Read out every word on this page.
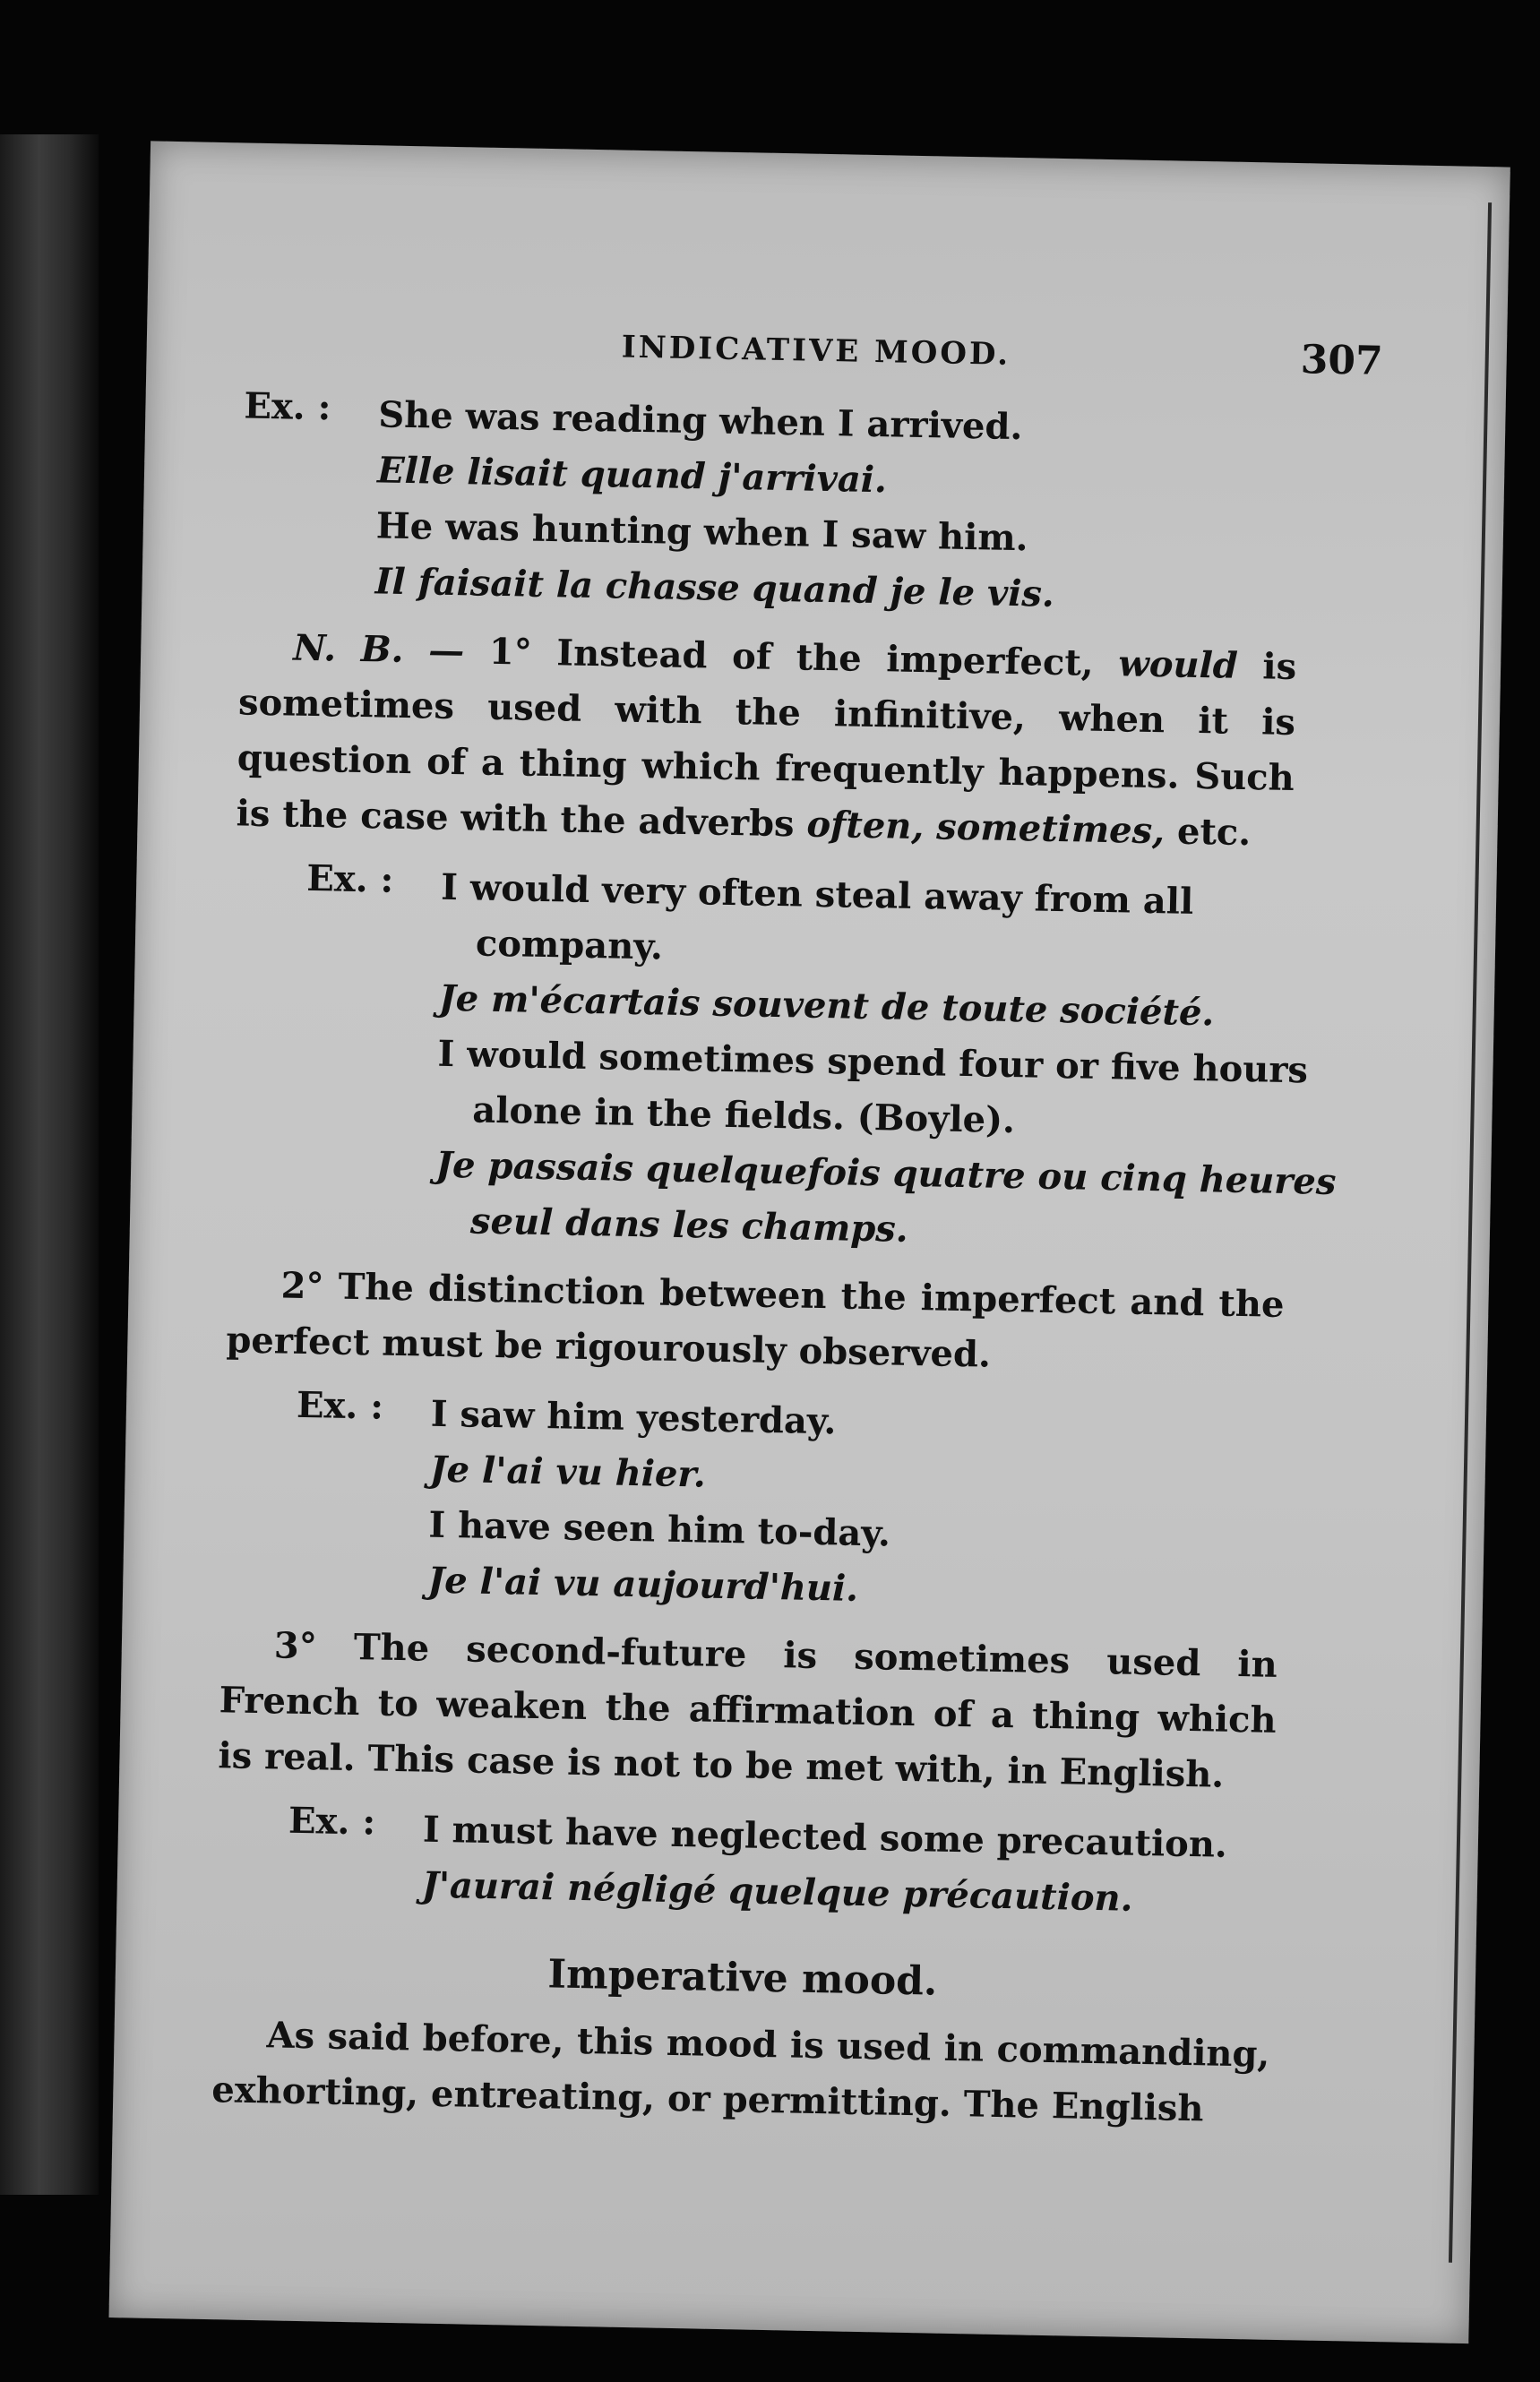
INDICATIVE MOOD.	307
Ex. : She was reading when I arrived.
Elle lisait quand j'arrivai.
He was hunting when I saw him.
Il faisait la chasse quand je le vis.
N. B. — 1° Instead of the imperfect, would is sometimes used with the infinitive, when it is question of a thing which frequently happens. Such is the case with the adverbs often, sometimes, etc.
Ex. : I would very often steal away from all
company.
Je m'écartais souvent de toute société.
I would sometimes spend four or five hours
alone in the fields. (Boyle).
Je passais quelquefois quatre ou cinq heures
seul dans les champs.
2° The distinction between the imperfect and the perfect must be rigourously observed.
Ex. : I saw him yesterday.
Je l'ai vu hier.
I have seen him to-day.
Je l'ai vu aujourd'hui.
3° The second-future is sometimes used in French to weaken the affirmation of a thing which is real. This case is not to be met with, in English.
Ex. : I must have neglected some precaution.
J'aurai négligé quelque précaution.
Imperative mood.
As said before, this mood is used in commanding, exhorting, entreating, or permitting. The English
